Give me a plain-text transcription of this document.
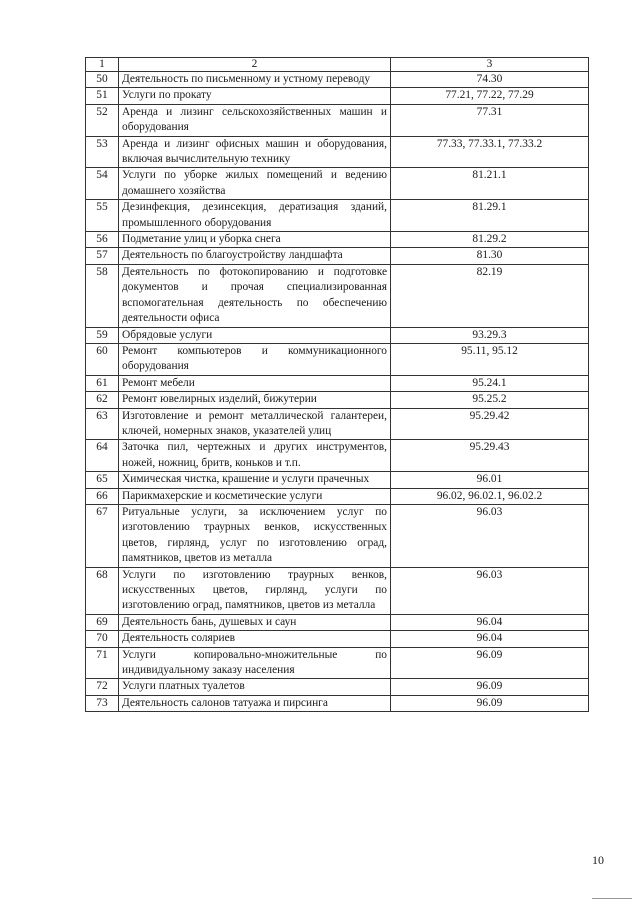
1	2	3
50	Деятельность по письменному и устному переводу	74.30
51	Услуги по прокату	77.21, 77.22, 77.29
52	Аренда и лизинг сельскохозяйственных машин и оборудования	77.31
53	Аренда и лизинг офисных машин и оборудования, включая вычислительную технику	77.33, 77.33.1, 77.33.2
54	Услуги по уборке жилых помещений и ведению домашнего хозяйства	81.21.1
55	Дезинфекция, дезинсекция, дератизация зданий, промышленного оборудования	81.29.1
56	Подметание улиц и уборка снега	81.29.2
57	Деятельность по благоустройству ландшафта	81.30
58	Деятельность по фотокопированию и подготовке документов и прочая специализированная вспомогательная деятельность по обеспечению деятельности офиса	82.19
59	Обрядовые услуги	93.29.3
60	Ремонт компьютеров и коммуникационного оборудования	95.11, 95.12
61	Ремонт мебели	95.24.1
62	Ремонт ювелирных изделий, бижутерии	95.25.2
63	Изготовление и ремонт металлической галантереи, ключей, номерных знаков, указателей улиц	95.29.42
64	Заточка пил, чертежных и других инструментов, ножей, ножниц, бритв, коньков и т.п.	95.29.43
65	Химическая чистка, крашение и услуги прачечных	96.01
66	Парикмахерские и косметические услуги	96.02, 96.02.1, 96.02.2
67	Ритуальные услуги, за исключением услуг по изготовлению траурных венков, искусственных цветов, гирлянд, услуг по изготовлению оград, памятников, цветов из металла	96.03
68	Услуги по изготовлению траурных венков, искусственных цветов, гирлянд, услуги по изготовлению оград, памятников, цветов из металла	96.03
69	Деятельность бань, душевых и саун	96.04
70	Деятельность соляриев	96.04
71	Услуги копировально-множительные по индивидуальному заказу населения	96.09
72	Услуги платных туалетов	96.09
73	Деятельность салонов татуажа и пирсинга	96.09
10
